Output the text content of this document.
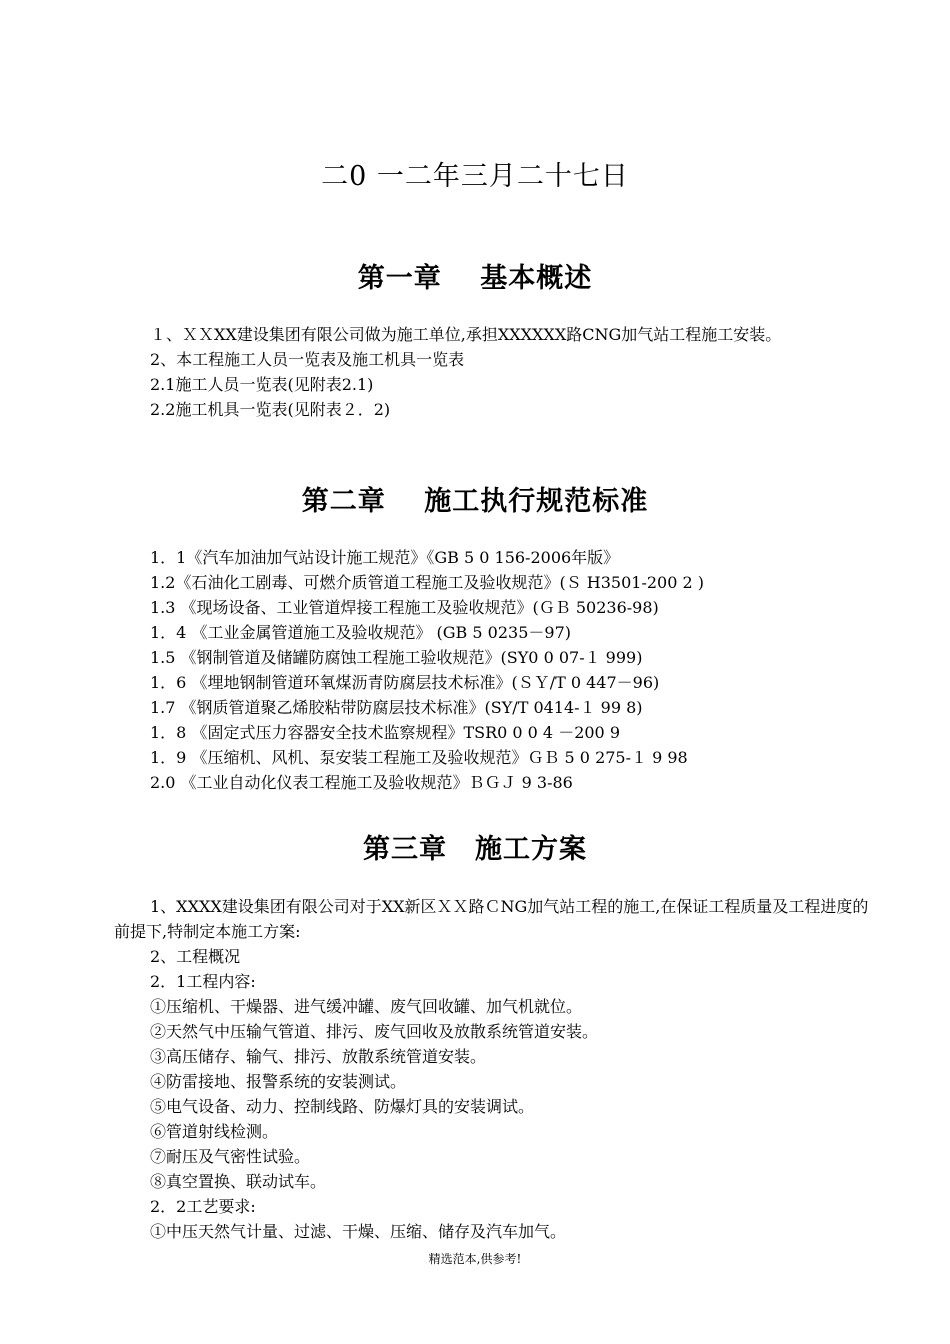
二0 一二年三月二十七日
第一章　 基本概述
１、ＸＸXX建设集团有限公司做为施工单位,承担XXXXXX路CNG加气站工程施工安装。
2、本工程施工人员一览表及施工机具一览表
2.1施工人员一览表(见附表2.1)
2.2施工机具一览表(见附表２．2)
第二章　 施工执行规范标准
1．1《汽车加油加气站设计施工规范》《GB 5 0 156-2006年版》
1.2《石油化工剧毒、可燃介质管道工程施工及验收规范》(Ｓ H3501-200 2 )
1.3 《现场设备、工业管道焊接工程施工及验收规范》(ＧＢ 50236-98)
1．4 《工业金属管道施工及验收规范》 (GB 5 0235－97)
1.5 《钢制管道及储罐防腐蚀工程施工验收规范》(SY0 0 07-１ 999)
1．6 《埋地钢制管道环氧煤沥青防腐层技术标准》(ＳＹ/T 0 447－96)
1.7 《钢质管道聚乙烯胶粘带防腐层技术标准》(SY/T 0414-１ 99 8)
1．8 《固定式压力容器安全技术监察规程》TSR0 0 0 4 －200 9
1．9 《压缩机、风机、泵安装工程施工及验收规范》ＧＢ 5 0 275-１ 9 98
2.0 《工业自动化仪表工程施工及验收规范》ＢＧＪ 9 3-86
第三章　施工方案
1、XXXX建设集团有限公司对于XX新区ＸＸ路ＣNG加气站工程的施工,在保证工程质量及工程进度的前提下,特制定本施工方案:
2、工程概况
2．1工程内容:
①压缩机、干燥器、进气缓冲罐、废气回收罐、加气机就位。
②天然气中压输气管道、排污、废气回收及放散系统管道安装。
③高压储存、输气、排污、放散系统管道安装。
④防雷接地、报警系统的安装测试。
⑤电气设备、动力、控制线路、防爆灯具的安装调试。
⑥管道射线检测。
⑦耐压及气密性试验。
⑧真空置换、联动试车。
2．2工艺要求:
①中压天然气计量、过滤、干燥、压缩、储存及汽车加气。
精选范本,供参考!
